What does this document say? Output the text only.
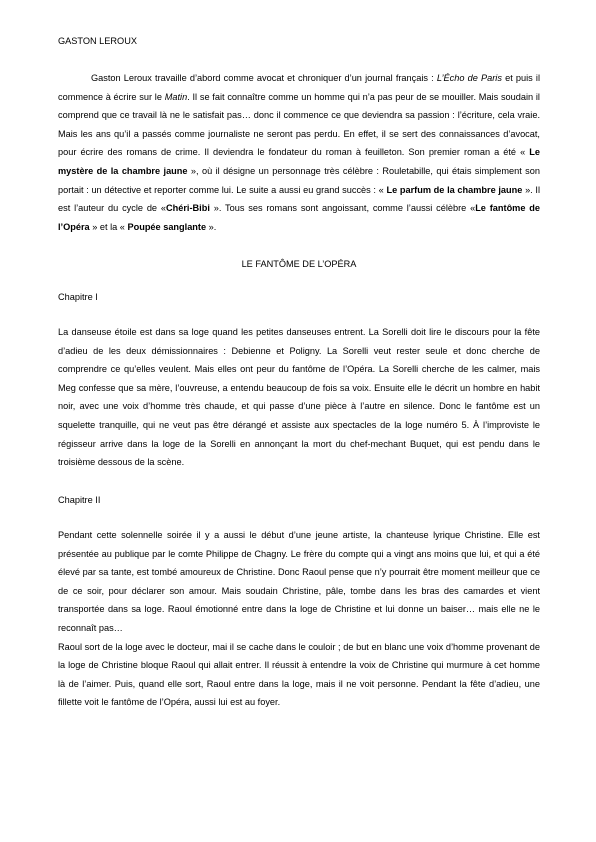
GASTON LEROUX

Gaston Leroux travaille d’abord comme avocat et chroniquer d’un journal français : L’Écho de Paris et puis il commence à écrire sur le Matin. Il se fait connaître comme un homme qui n’a pas peur de se mouiller. Mais soudain il comprend que ce travail là ne le satisfait pas… donc il commence ce que deviendra sa passion : l’écriture, cela vraie. Mais les ans qu’il a passés comme journaliste ne seront pas perdu. En effet, il se sert des connaissances d’avocat, pour écrire des romans de crime. Il deviendra le fondateur du roman à feuilleton. Son premier roman a été « Le mystère de la chambre jaune », où il désigne un personnage très célèbre : Rouletabille, qui étais simplement son portait : un détective et reporter comme lui. Le suite a aussi eu grand succès : « Le parfum de la chambre jaune ». Il est l’auteur du cycle de «Chéri-Bibi ». Tous ses romans sont angoissant, comme l’aussi célèbre «Le fantôme de l’Opéra » et la « Poupée sanglante ».

LE FANTÔME DE L’OPÉRA
Chapitre I

La danseuse étoile est dans sa loge quand les petites danseuses entrent. La Sorelli doit lire le discours pour la fête d’adieu de les deux démissionnaires : Debienne et Poligny. La Sorelli veut rester seule et donc cherche de comprendre ce qu’elles veulent. Mais elles ont peur du fantôme de l’Opéra. La Sorelli cherche de les calmer, mais Meg confesse que sa mère, l’ouvreuse, a entendu beaucoup de fois sa voix. Ensuite elle le décrit un hombre en habit noir, avec une voix d’homme très chaude, et qui passe d’une pièce à l’autre en silence. Donc le fantôme est un squelette tranquille, qui ne veut pas être dérangé et assiste aux spectacles de la loge numéro 5. À l’improviste le régisseur arrive dans la loge de la Sorelli en annonçant la mort du chef-mechant Buquet, qui est pendu dans le troisième dessous de la scène.

Chapitre II

Pendant cette solennelle soirée il y a aussi le début d’une jeune artiste, la chanteuse lyrique Christine. Elle est présentée au publique par le comte Philippe de Chagny. Le frère du compte qui a vingt ans moins que lui, et qui a été élevé par sa tante, est tombé amoureux de Christine. Donc Raoul pense que n’y pourrait être moment meilleur que ce de ce soir, pour déclarer son amour. Mais soudain Christine, pâle, tombe dans les bras des camardes et vient transportée dans sa loge. Raoul émotionné entre dans la loge de Christine et lui donne un baiser… mais elle ne le reconnaît pas…

Raoul sort de la loge avec le docteur, mai il se cache dans le couloir ; de but en blanc une voix d’homme provenant de la loge de Christine bloque Raoul qui allait entrer. Il réussit à entendre la voix de Christine qui murmure à cet homme là de l’aimer. Puis, quand elle sort, Raoul entre dans la loge, mais il ne voit personne. Pendant la fête d’adieu, une fillette voit le fantôme de l’Opéra, aussi lui est au foyer.
